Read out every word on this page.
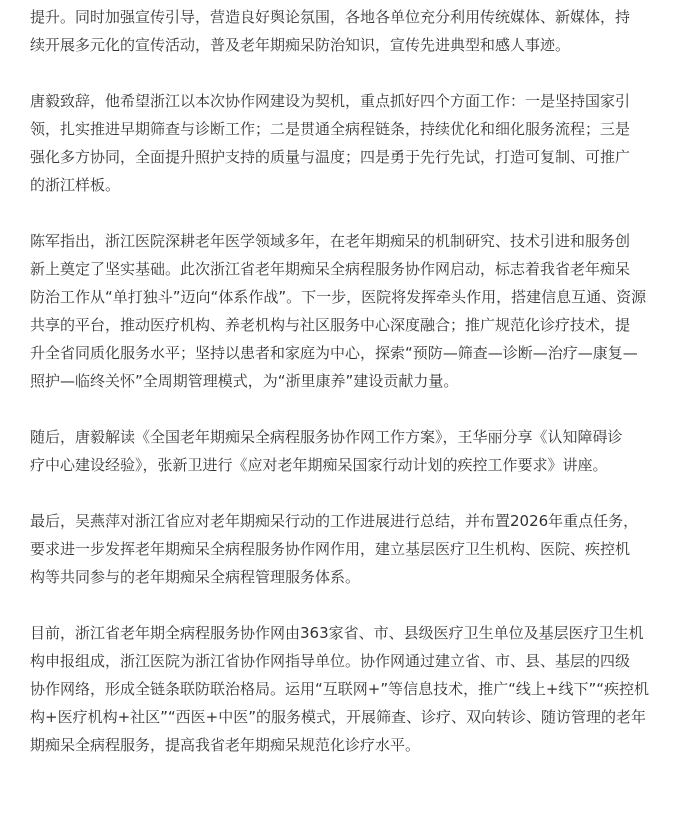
提升。同时加强宣传引导，营造良好舆论氛围，各地各单位充分利用传统媒体、新媒体，持
续开展多元化的宣传活动，普及老年期痴呆防治知识，宣传先进典型和感人事迹。

唐毅致辞，他希望浙江以本次协作网建设为契机，重点抓好四个方面工作：一是坚持国家引
领，扎实推进早期筛查与诊断工作；二是贯通全病程链条，持续优化和细化服务流程；三是
强化多方协同，全面提升照护支持的质量与温度；四是勇于先行先试，打造可复制、可推广
的浙江样板。

陈军指出，浙江医院深耕老年医学领域多年，在老年期痴呆的机制研究、技术引进和服务创
新上奠定了坚实基础。此次浙江省老年期痴呆全病程服务协作网启动，标志着我省老年痴呆
防治工作从“单打独斗”迈向“体系作战”。下一步，医院将发挥牵头作用，搭建信息互通、资源
共享的平台，推动医疗机构、养老机构与社区服务中心深度融合；推广规范化诊疗技术，提
升全省同质化服务水平；坚持以患者和家庭为中心，探索“预防—筛查—诊断—治疗—康复—
照护—临终关怀”全周期管理模式，为“浙里康养”建设贡献力量。

随后，唐毅解读《全国老年期痴呆全病程服务协作网工作方案》，王华丽分享《认知障碍诊
疗中心建设经验》，张新卫进行《应对老年期痴呆国家行动计划的疾控工作要求》讲座。

最后，吴燕萍对浙江省应对老年期痴呆行动的工作进展进行总结，并布置2026年重点任务，
要求进一步发挥老年期痴呆全病程服务协作网作用，建立基层医疗卫生机构、医院、疾控机
构等共同参与的老年期痴呆全病程管理服务体系。

目前，浙江省老年期全病程服务协作网由363家省、市、县级医疗卫生单位及基层医疗卫生机
构申报组成，浙江医院为浙江省协作网指导单位。协作网通过建立省、市、县、基层的四级
协作网络，形成全链条联防联治格局。运用“互联网+”等信息技术，推广“线上+线下”“疾控机
构+医疗机构+社区”“西医+中医”的服务模式，开展筛查、诊疗、双向转诊、随访管理的老年
期痴呆全病程服务，提高我省老年期痴呆规范化诊疗水平。
